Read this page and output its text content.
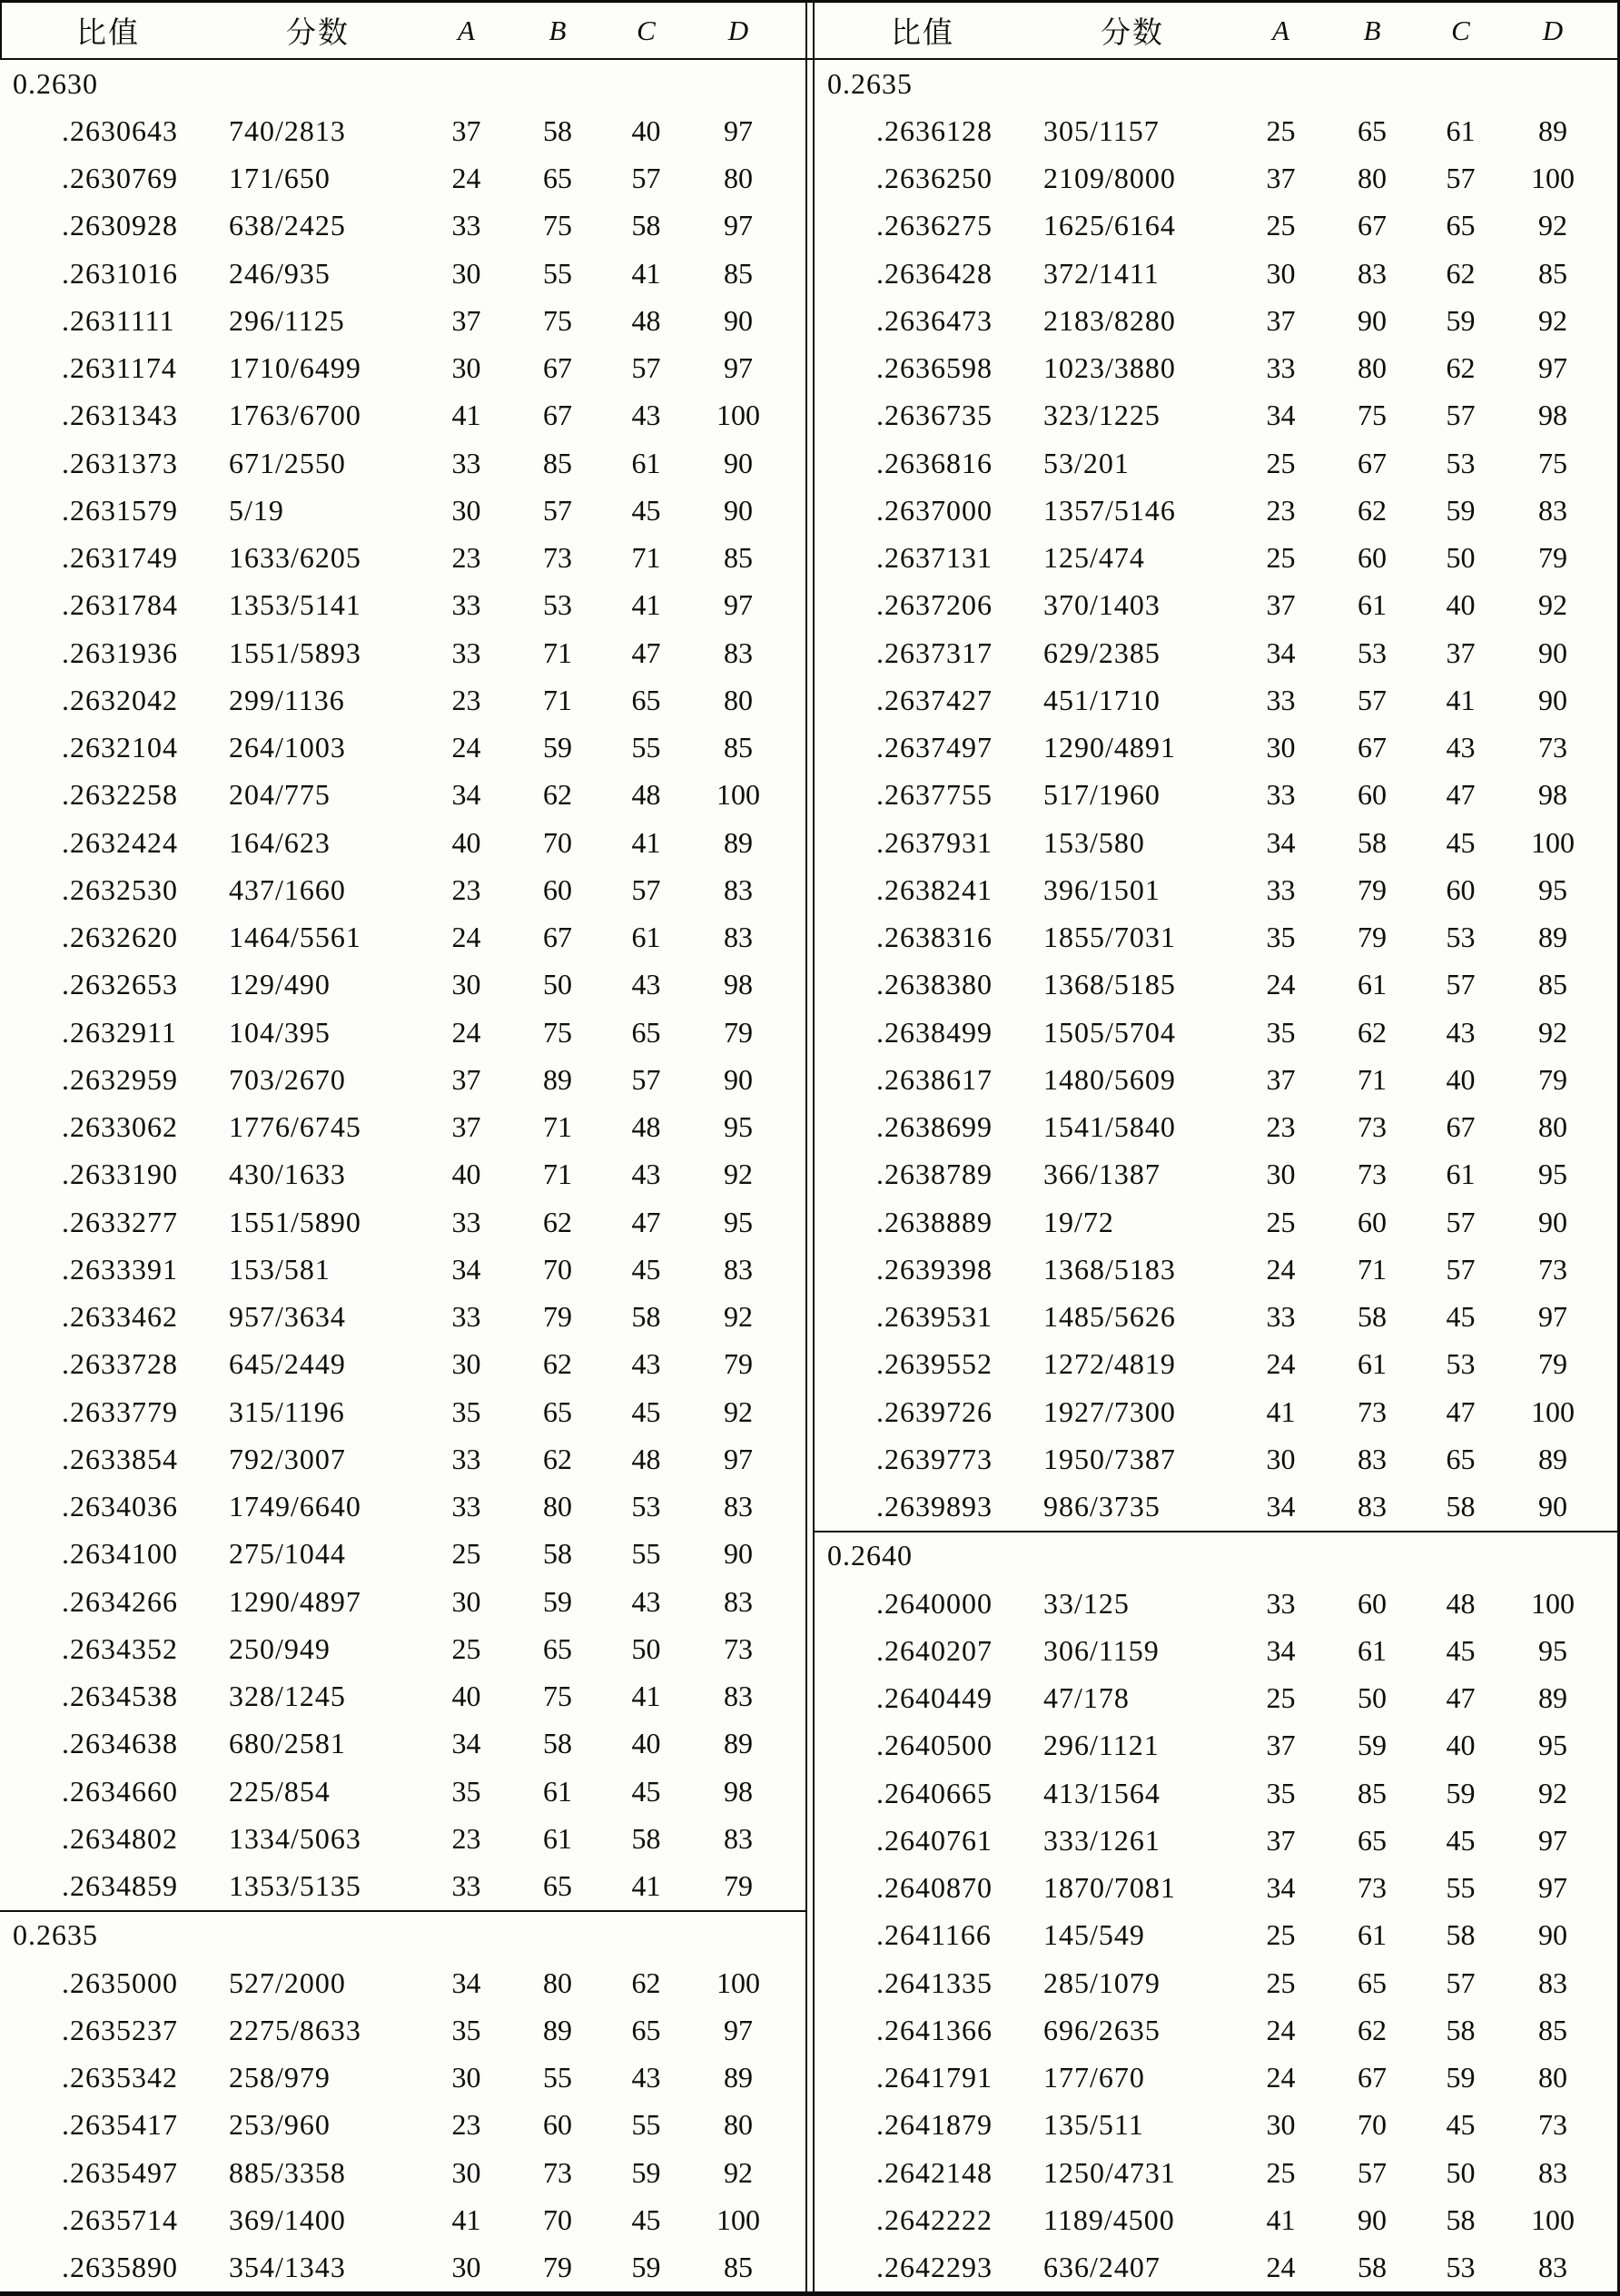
比值	分数	A	B	C	D
0.2630
.2630643	740/2813	37	58	40	97
.2630769	171/650	24	65	57	80
.2630928	638/2425	33	75	58	97
.2631016	246/935	30	55	41	85
.2631111	296/1125	37	75	48	90
.2631174	1710/6499	30	67	57	97
.2631343	1763/6700	41	67	43	100
.2631373	671/2550	33	85	61	90
.2631579	5/19	30	57	45	90
.2631749	1633/6205	23	73	71	85
.2631784	1353/5141	33	53	41	97
.2631936	1551/5893	33	71	47	83
.2632042	299/1136	23	71	65	80
.2632104	264/1003	24	59	55	85
.2632258	204/775	34	62	48	100
.2632424	164/623	40	70	41	89
.2632530	437/1660	23	60	57	83
.2632620	1464/5561	24	67	61	83
.2632653	129/490	30	50	43	98
.2632911	104/395	24	75	65	79
.2632959	703/2670	37	89	57	90
.2633062	1776/6745	37	71	48	95
.2633190	430/1633	40	71	43	92
.2633277	1551/5890	33	62	47	95
.2633391	153/581	34	70	45	83
.2633462	957/3634	33	79	58	92
.2633728	645/2449	30	62	43	79
.2633779	315/1196	35	65	45	92
.2633854	792/3007	33	62	48	97
.2634036	1749/6640	33	80	53	83
.2634100	275/1044	25	58	55	90
.2634266	1290/4897	30	59	43	83
.2634352	250/949	25	65	50	73
.2634538	328/1245	40	75	41	83
.2634638	680/2581	34	58	40	89
.2634660	225/854	35	61	45	98
.2634802	1334/5063	23	61	58	83
.2634859	1353/5135	33	65	41	79
0.2635
.2635000	527/2000	34	80	62	100
.2635237	2275/8633	35	89	65	97
.2635342	258/979	30	55	43	89
.2635417	253/960	23	60	55	80
.2635497	885/3358	30	73	59	92
.2635714	369/1400	41	70	45	100
.2635890	354/1343	30	79	59	85
比值	分数	A	B	C	D
0.2635
.2636128	305/1157	25	65	61	89
.2636250	2109/8000	37	80	57	100
.2636275	1625/6164	25	67	65	92
.2636428	372/1411	30	83	62	85
.2636473	2183/8280	37	90	59	92
.2636598	1023/3880	33	80	62	97
.2636735	323/1225	34	75	57	98
.2636816	53/201	25	67	53	75
.2637000	1357/5146	23	62	59	83
.2637131	125/474	25	60	50	79
.2637206	370/1403	37	61	40	92
.2637317	629/2385	34	53	37	90
.2637427	451/1710	33	57	41	90
.2637497	1290/4891	30	67	43	73
.2637755	517/1960	33	60	47	98
.2637931	153/580	34	58	45	100
.2638241	396/1501	33	79	60	95
.2638316	1855/7031	35	79	53	89
.2638380	1368/5185	24	61	57	85
.2638499	1505/5704	35	62	43	92
.2638617	1480/5609	37	71	40	79
.2638699	1541/5840	23	73	67	80
.2638789	366/1387	30	73	61	95
.2638889	19/72	25	60	57	90
.2639398	1368/5183	24	71	57	73
.2639531	1485/5626	33	58	45	97
.2639552	1272/4819	24	61	53	79
.2639726	1927/7300	41	73	47	100
.2639773	1950/7387	30	83	65	89
.2639893	986/3735	34	83	58	90
0.2640
.2640000	33/125	33	60	48	100
.2640207	306/1159	34	61	45	95
.2640449	47/178	25	50	47	89
.2640500	296/1121	37	59	40	95
.2640665	413/1564	35	85	59	92
.2640761	333/1261	37	65	45	97
.2640870	1870/7081	34	73	55	97
.2641166	145/549	25	61	58	90
.2641335	285/1079	25	65	57	83
.2641366	696/2635	24	62	58	85
.2641791	177/670	24	67	59	80
.2641879	135/511	30	70	45	73
.2642148	1250/4731	25	57	50	83
.2642222	1189/4500	41	90	58	100
.2642293	636/2407	24	58	53	83
